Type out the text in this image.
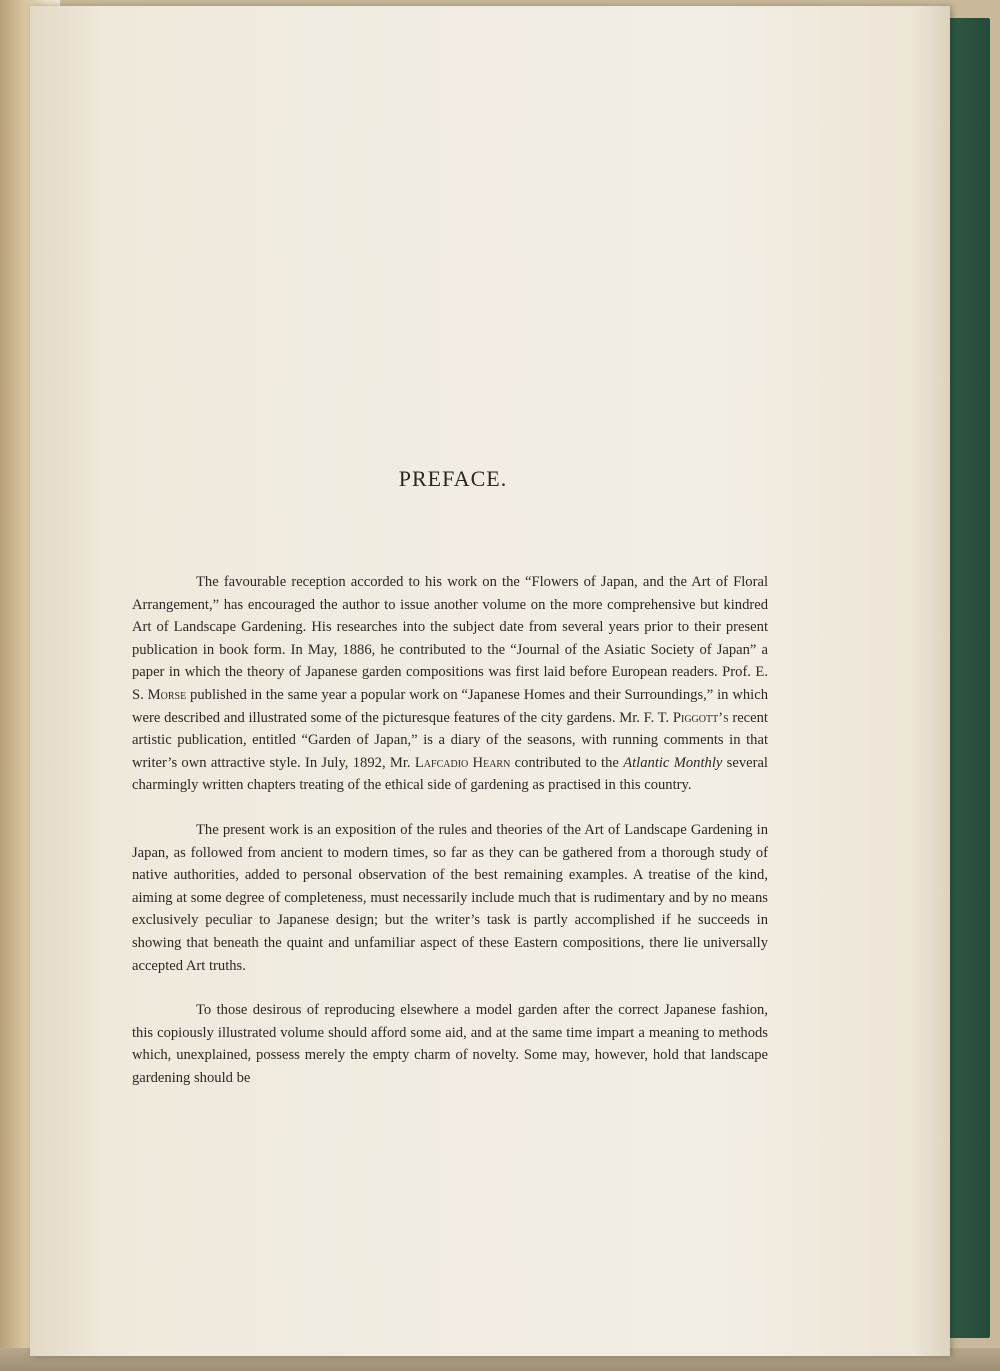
PREFACE.

The favourable reception accorded to his work on the “Flowers of Japan, and the Art of Floral Arrangement,” has encouraged the author to issue another volume on the more comprehensive but kindred Art of Landscape Gardening. His researches into the subject date from several years prior to their present publication in book form. In May, 1886, he contributed to the “Journal of the Asiatic Society of Japan” a paper in which the theory of Japanese garden compositions was first laid before European readers. Prof. E. S. Morse published in the same year a popular work on “Japanese Homes and their Surroundings,” in which were described and illustrated some of the picturesque features of the city gardens. Mr. F. T. Piggott’s recent artistic publication, entitled “Garden of Japan,” is a diary of the seasons, with running comments in that writer’s own attractive style. In July, 1892, Mr. Lafcadio Hearn contributed to the Atlantic Monthly several charmingly written chapters treating of the ethical side of gardening as practised in this country.

The present work is an exposition of the rules and theories of the Art of Landscape Gardening in Japan, as followed from ancient to modern times, so far as they can be gathered from a thorough study of native authorities, added to personal observation of the best remaining examples. A treatise of the kind, aiming at some degree of completeness, must necessarily include much that is rudimentary and by no means exclusively peculiar to Japanese design; but the writer’s task is partly accomplished if he succeeds in showing that beneath the quaint and unfamiliar aspect of these Eastern compositions, there lie universally accepted Art truths.

To those desirous of reproducing elsewhere a model garden after the correct Japanese fashion, this copiously illustrated volume should afford some aid, and at the same time impart a meaning to methods which, unexplained, possess merely the empty charm of novelty. Some may, however, hold that landscape gardening should be
